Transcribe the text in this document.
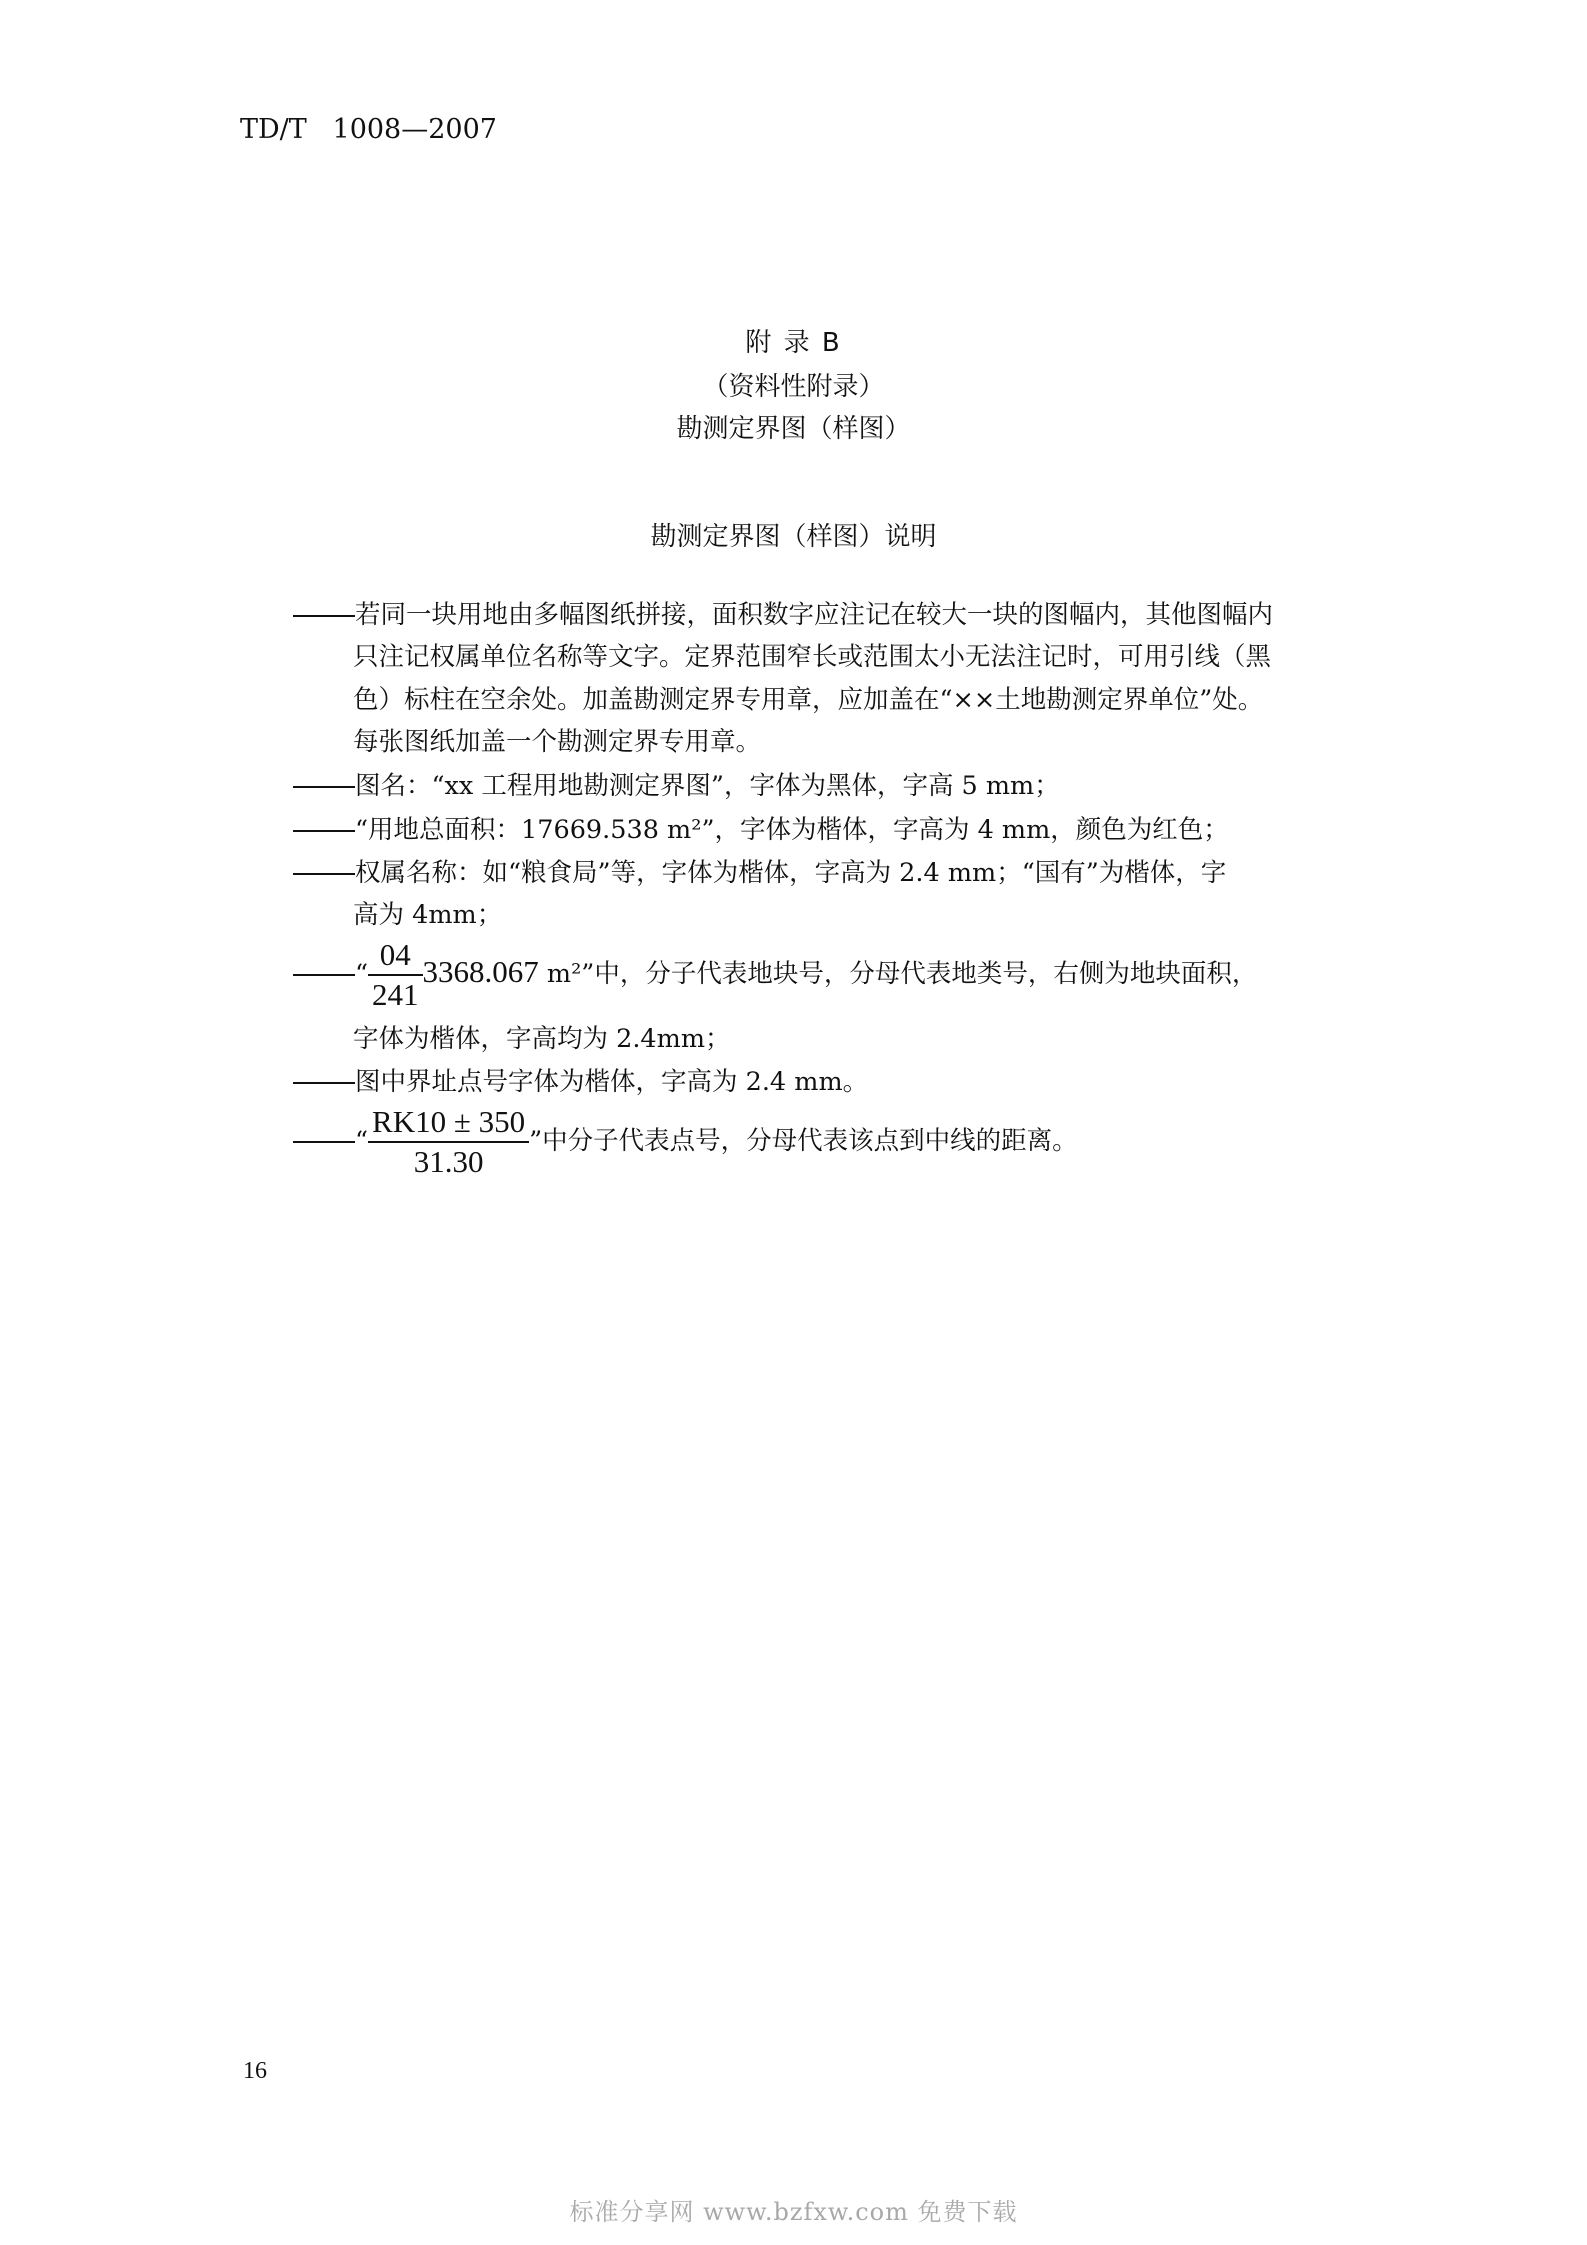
TD/T   1008—2007
附 录 B
（资料性附录）
勘测定界图（样图）
勘测定界图（样图）说明
若同一块用地由多幅图纸拼接，面积数字应注记在较大一块的图幅内，其他图幅内
只注记权属单位名称等文字。定界范围窄长或范围太小无法注记时，可用引线（黑
色）标柱在空余处。加盖勘测定界专用章，应加盖在“××土地勘测定界单位”处。
每张图纸加盖一个勘测定界专用章。
图名：“xx 工程用地勘测定界图”，字体为黑体，字高 5 mm；
“用地总面积：17669.538 m²”，字体为楷体，字高为 4 mm，颜色为红色；
权属名称：如“粮食局”等，字体为楷体，字高为 2.4 mm；“国有”为楷体，字
高为 4mm；
“ $\frac{04}{241} 3368.067$ m²”中，分子代表地块号，分母代表地类号，右侧为地块面积，
字体为楷体，字高均为 2.4mm；
图中界址点号字体为楷体，字高为 2.4 mm。
“ $\frac{RK10 \pm 350}{31.30}$ ”中分子代表点号，分母代表该点到中线的距离。
16
标准分享网 www.bzfxw.com 免费下载
